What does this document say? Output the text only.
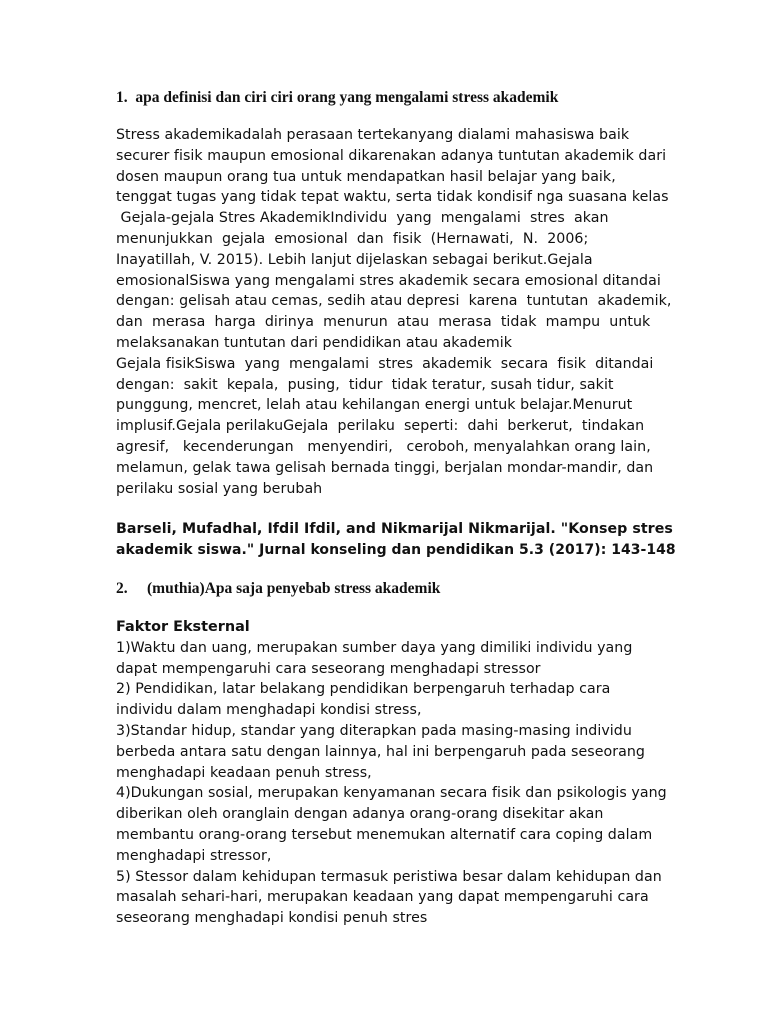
1. apa definisi dan ciri ciri orang yang mengalami stress akademik

Stress akademikadalah perasaan tertekanyang dialami mahasiswa baik
securer fisik maupun emosional dikarenakan adanya tuntutan akademik dari
dosen maupun orang tua untuk mendapatkan hasil belajar yang baik,
tenggat tugas yang tidak tepat waktu, serta tidak kondisif nga suasana kelas
Gejala-gejala Stres AkademikIndividu  yang  mengalami  stres  akan
menunjukkan  gejala  emosional  dan  fisik  (Hernawati,  N.  2006;
Inayatillah, V. 2015). Lebih lanjut dijelaskan sebagai berikut.Gejala
emosionalSiswa yang mengalami stres akademik secara emosional ditandai
dengan: gelisah atau cemas, sedih atau depresi  karena  tuntutan  akademik,
dan  merasa  harga  dirinya  menurun  atau  merasa  tidak  mampu  untuk
melaksanakan tuntutan dari pendidikan atau akademik
Gejala fisikSiswa  yang  mengalami  stres  akademik  secara  fisik  ditandai
dengan:  sakit  kepala,  pusing,  tidur  tidak teratur, susah tidur, sakit
punggung, mencret, lelah atau kehilangan energi untuk belajar.Menurut
implusif.Gejala perilakuGejala  perilaku  seperti:  dahi  berkerut,  tindakan
agresif,   kecenderungan   menyendiri,   ceroboh, menyalahkan orang lain,
melamun, gelak tawa gelisah bernada tinggi, berjalan mondar-mandir, dan
perilaku sosial yang berubah
Barseli, Mufadhal, Ifdil Ifdil, and Nikmarijal Nikmarijal. "Konsep stres
akademik siswa." Jurnal konseling dan pendidikan 5.3 (2017): 143-148

2. (muthia)Apa saja penyebab stress akademik

Faktor Eksternal

1)Waktu dan uang, merupakan sumber daya yang dimiliki individu yang
dapat mempengaruhi cara seseorang menghadapi stressor
2) Pendidikan, latar belakang pendidikan berpengaruh terhadap cara
individu dalam menghadapi kondisi stress,
3)Standar hidup, standar yang diterapkan pada masing-masing individu
berbeda antara satu dengan lainnya, hal ini berpengaruh pada seseorang
menghadapi keadaan penuh stress,
4)Dukungan sosial, merupakan kenyamanan secara fisik dan psikologis yang
diberikan oleh oranglain dengan adanya orang-orang disekitar akan
membantu orang-orang tersebut menemukan alternatif cara coping dalam
menghadapi stressor,
5) Stessor dalam kehidupan termasuk peristiwa besar dalam kehidupan dan
masalah sehari-hari, merupakan keadaan yang dapat mempengaruhi cara
seseorang menghadapi kondisi penuh stres
